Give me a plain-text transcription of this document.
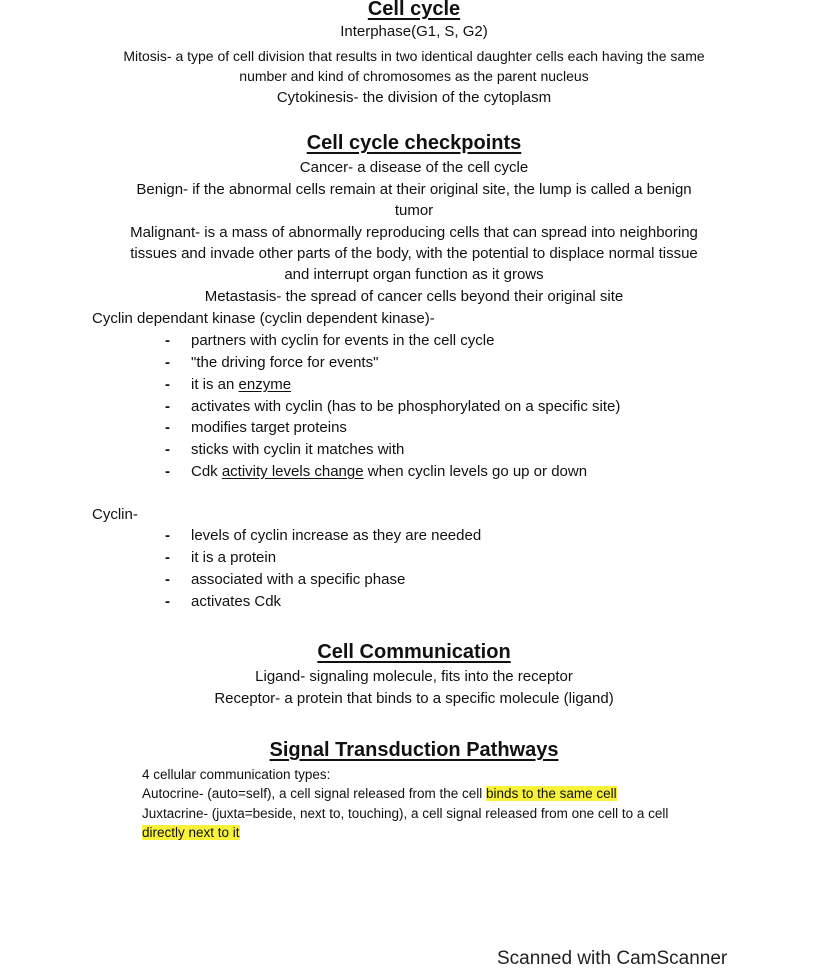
Cell cycle
Interphase(G1, S, G2)
Mitosis- a type of cell division that results in two identical daughter cells each having the same
number and kind of chromosomes as the parent nucleus
Cytokinesis- the division of the cytoplasm
Cell cycle checkpoints
Cancer- a disease of the cell cycle
Benign- if the abnormal cells remain at their original site, the lump is called a benign
tumor
Malignant- is a mass of abnormally reproducing cells that can spread into neighboring
tissues and invade other parts of the body, with the potential to displace normal tissue
and interrupt organ function as it grows
Metastasis- the spread of cancer cells beyond their original site
Cyclin dependant kinase (cyclin dependent kinase)-
- partners with cyclin for events in the cell cycle
- "the driving force for events"
- it is an enzyme
- activates with cyclin (has to be phosphorylated on a specific site)
- modifies target proteins
- sticks with cyclin it matches with
- Cdk activity levels change when cyclin levels go up or down
Cyclin-
- levels of cyclin increase as they are needed
- it is a protein
- associated with a specific phase
- activates Cdk
Cell Communication
Ligand- signaling molecule, fits into the receptor
Receptor- a protein that binds to a specific molecule (ligand)
Signal Transduction Pathways
4 cellular communication types:
Autocrine- (auto=self), a cell signal released from the cell binds to the same cell
Juxtacrine- (juxta=beside, next to, touching), a cell signal released from one cell to a cell
directly next to it
Scanned with CamScanner
